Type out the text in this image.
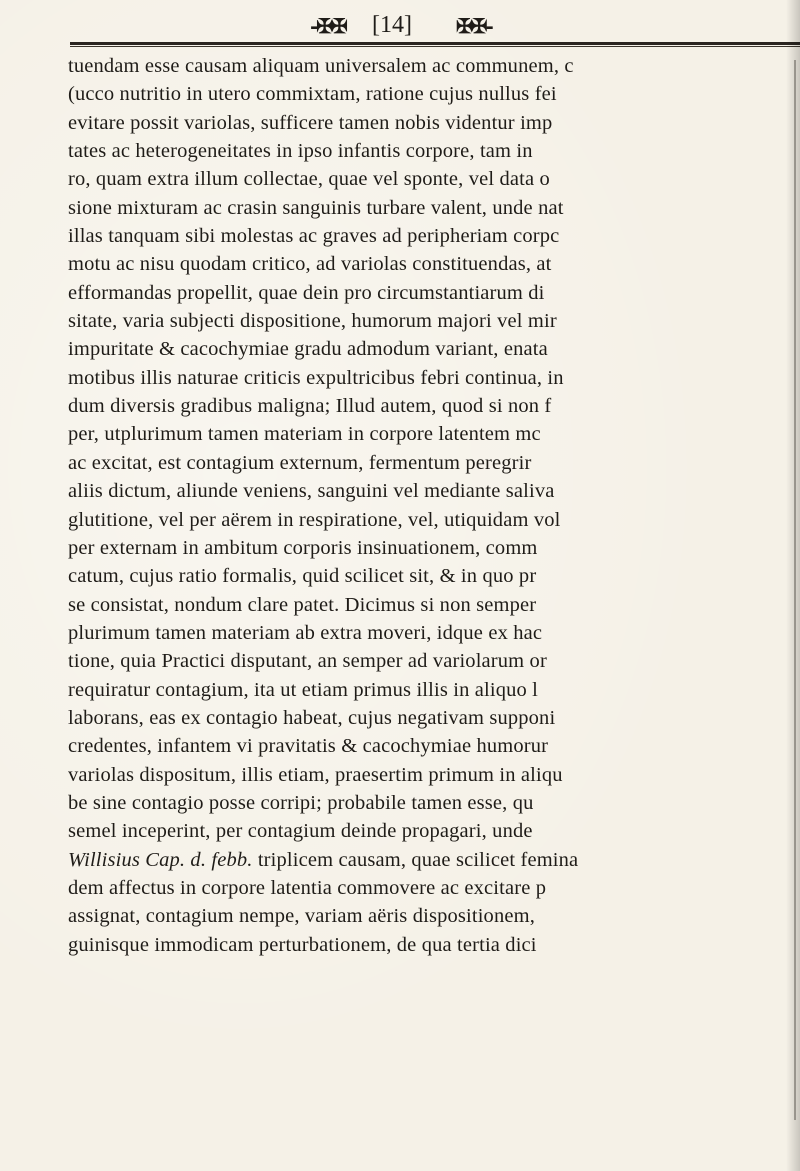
-✠✠ [14] ✠✠-
tuendam esse causam aliquam universalem ac communem, c
(ucco nutritio in utero commixtam, ratione cujus nullus fei
evitare possit variolas, sufficere tamen nobis videntur imp
tates ac heterogeneitates in ipso infantis corpore, tam in
ro, quam extra illum collectae, quae vel sponte, vel data o
sione mixturam ac crasin sanguinis turbare valent, unde nat
illas tanquam sibi molestas ac graves ad peripheriam corpc
motu ac nisu quodam critico, ad variolas constituendas, at
efformandas propellit, quae dein pro circumstantiarum di
sitate, varia subjecti dispositione, humorum majori vel mir
impuritate & cacochymiae gradu admodum variant, enata
motibus illis naturae criticis expultricibus febri continua, in
dum diversis gradibus maligna; Illud autem, quod si non f
per, utplurimum tamen materiam in corpore latentem mc
ac excitat, est contagium externum, fermentum peregrir
aliis dictum, aliunde veniens, sanguini vel mediante saliva
glutitione, vel per aërem in respiratione, vel, utiquidam vol
per externam in ambitum corporis insinuationem, comm
catum, cujus ratio formalis, quid scilicet sit, & in quo pr
se consistat, nondum clare patet. Dicimus si non semper
plurimum tamen materiam ab extra moveri, idque ex hac
tione, quia Practici disputant, an semper ad variolarum or
requiratur contagium, ita ut etiam primus illis in aliquo l
laborans, eas ex contagio habeat, cujus negativam supponi
credentes, infantem vi pravitatis & cacochymiae humorur
variolas dispositum, illis etiam, praesertim primum in aliqu
be sine contagio posse corripi; probabile tamen esse, qu
semel inceperint, per contagium deinde propagari, unde
Willisius Cap. d. febb. triplicem causam, quae scilicet femina
dem affectus in corpore latentia commovere ac excitare p
assignat, contagium nempe, variam aëris dispositionem,
guinisque immodicam perturbationem, de qua tertia dici
